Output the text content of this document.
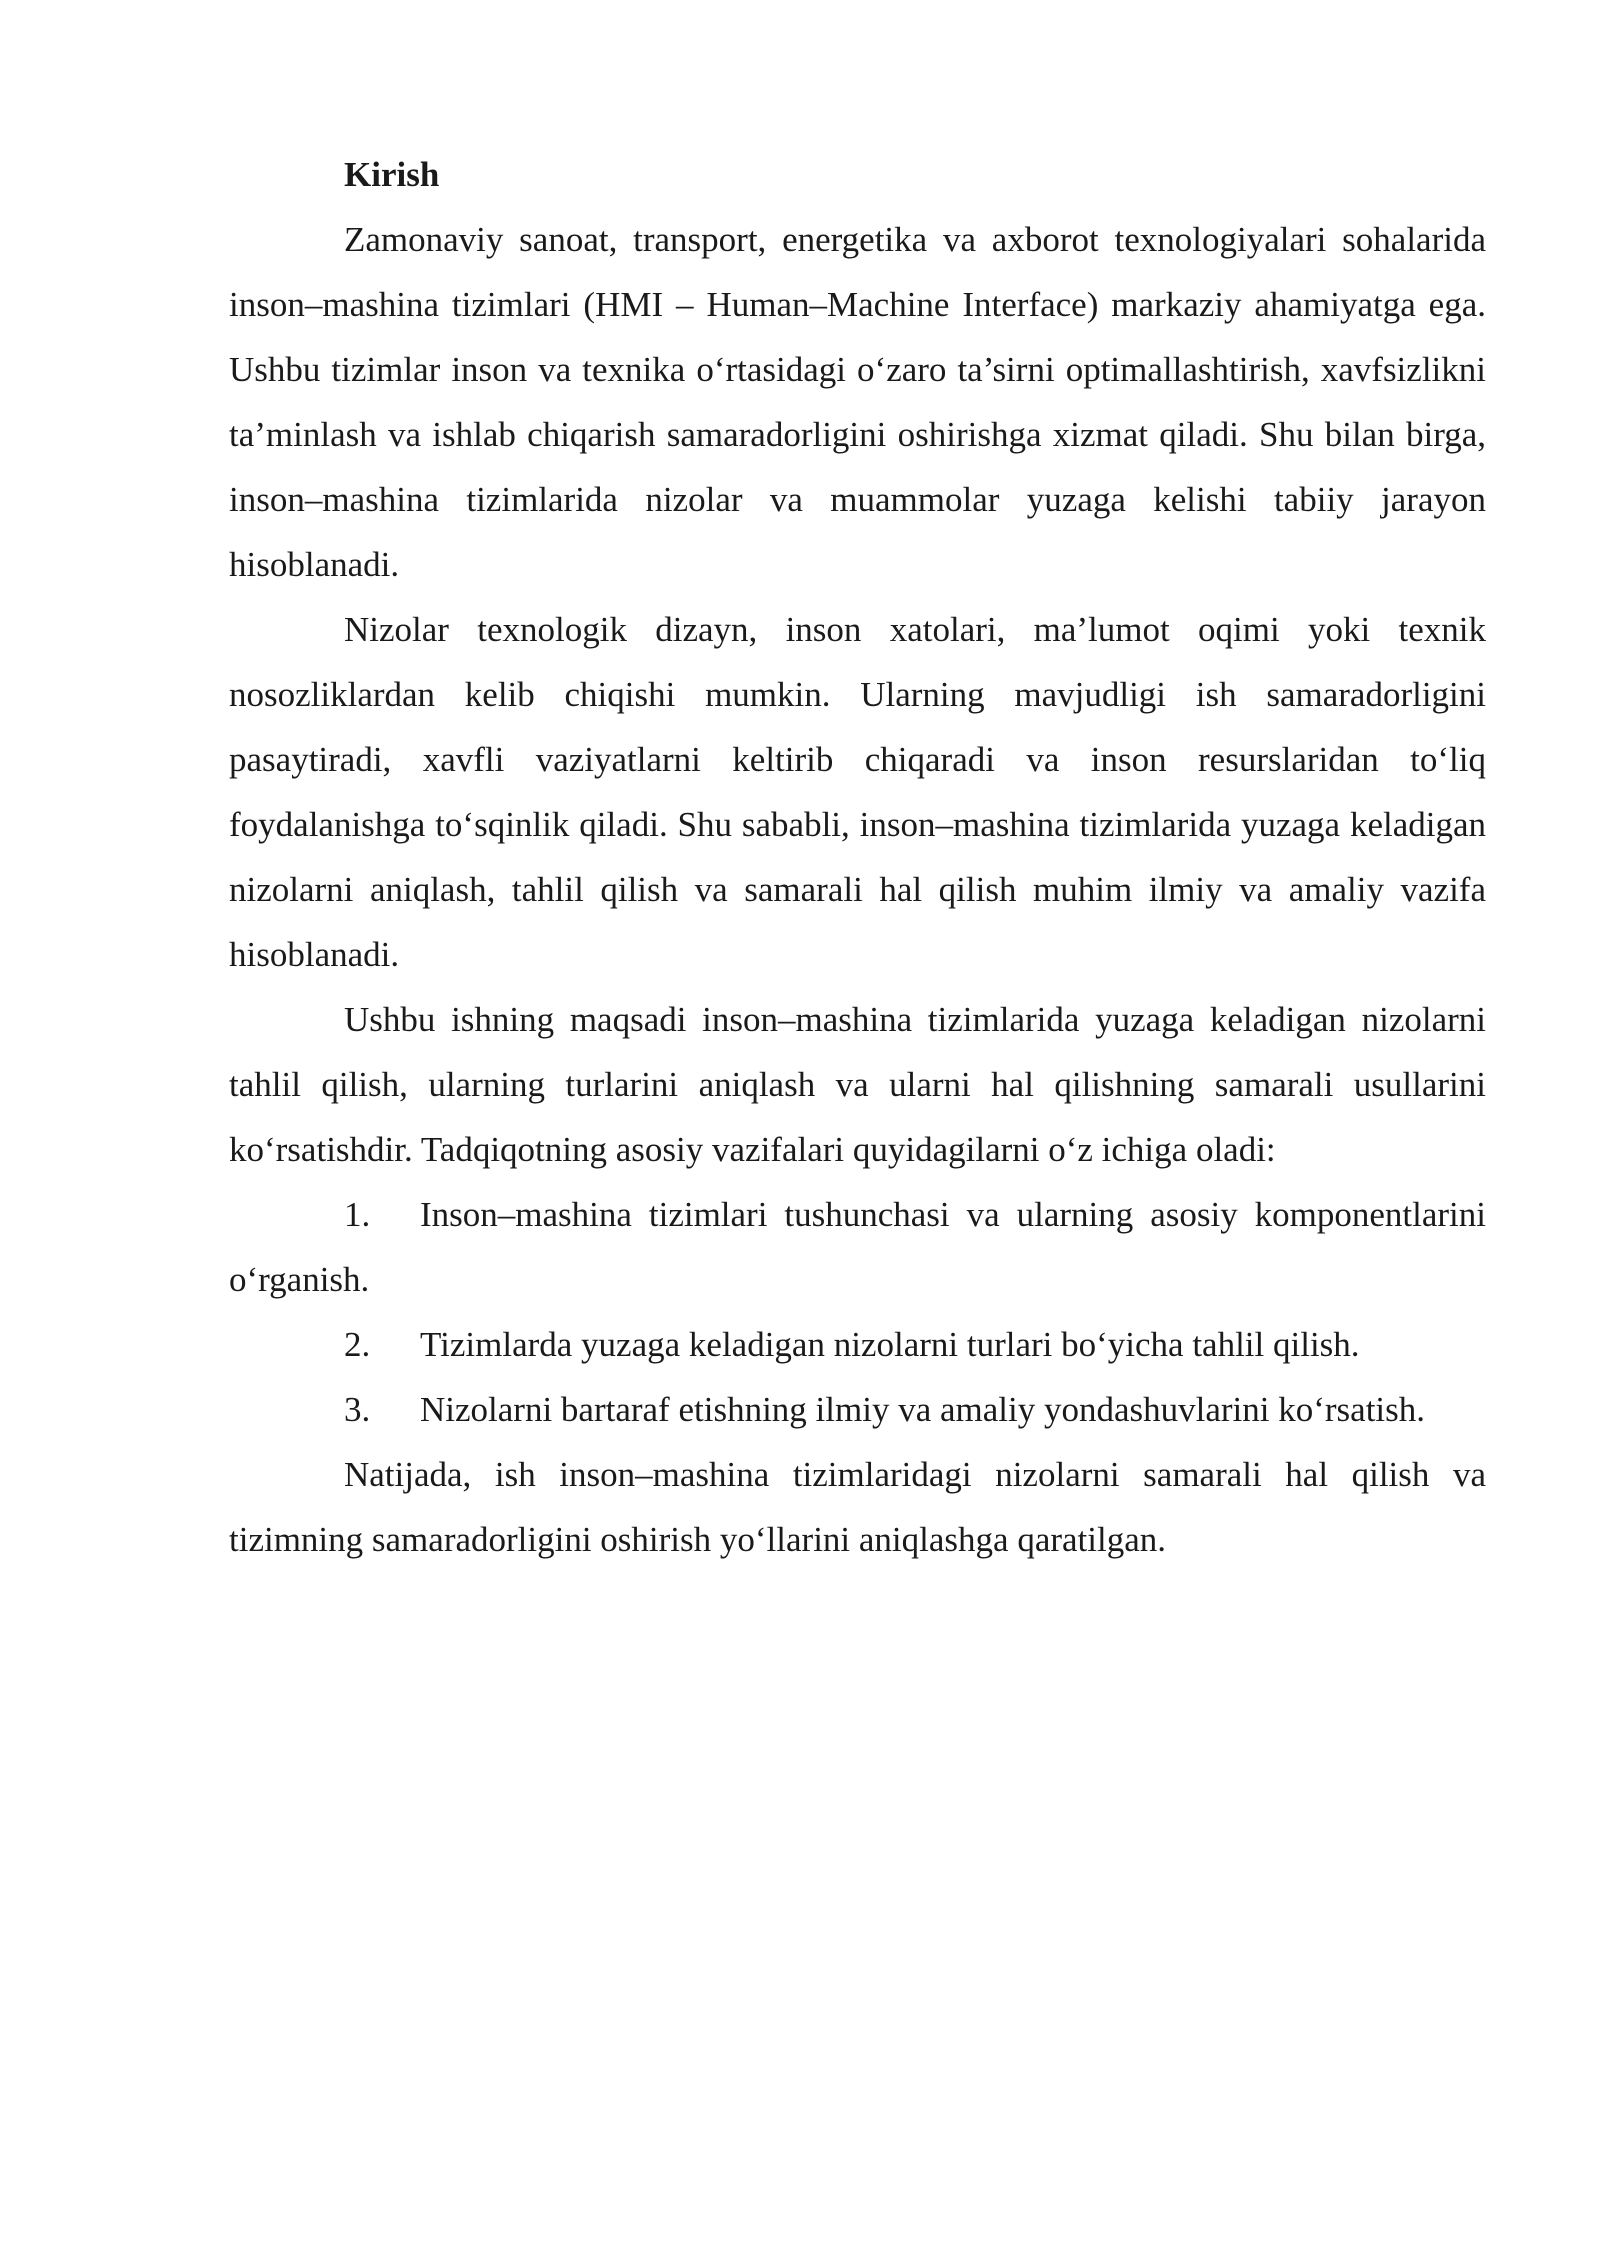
Kirish

Zamonaviy sanoat, transport, energetika va axborot texnologiyalari sohalarida inson–mashina tizimlari (HMI – Human–Machine Interface) markaziy ahamiyatga ega. Ushbu tizimlar inson va texnika o‘rtasidagi o‘zaro ta’sirni optimallashtirish, xavfsizlikni ta’minlash va ishlab chiqarish samaradorligini oshirishga xizmat qiladi. Shu bilan birga, inson–mashina tizimlarida nizolar va muammolar yuzaga kelishi tabiiy jarayon hisoblanadi.

Nizolar texnologik dizayn, inson xatolari, ma’lumot oqimi yoki texnik nosozliklardan kelib chiqishi mumkin. Ularning mavjudligi ish samaradorligini pasaytiradi, xavfli vaziyatlarni keltirib chiqaradi va inson resurslaridan to‘liq foydalanishga to‘sqinlik qiladi. Shu sababli, inson–mashina tizimlarida yuzaga keladigan nizolarni aniqlash, tahlil qilish va samarali hal qilish muhim ilmiy va amaliy vazifa hisoblanadi.

Ushbu ishning maqsadi inson–mashina tizimlarida yuzaga keladigan nizolarni tahlil qilish, ularning turlarini aniqlash va ularni hal qilishning samarali usullarini ko‘rsatishdir. Tadqiqotning asosiy vazifalari quyidagilarni o‘z ichiga oladi:

1. Inson–mashina tizimlari tushunchasi va ularning asosiy komponentlarini o‘rganish.

2. Tizimlarda yuzaga keladigan nizolarni turlari bo‘yicha tahlil qilish.

3. Nizolarni bartaraf etishning ilmiy va amaliy yondashuvlarini ko‘rsatish.

Natijada, ish inson–mashina tizimlaridagi nizolarni samarali hal qilish va tizimning samaradorligini oshirish yo‘llarini aniqlashga qaratilgan.
